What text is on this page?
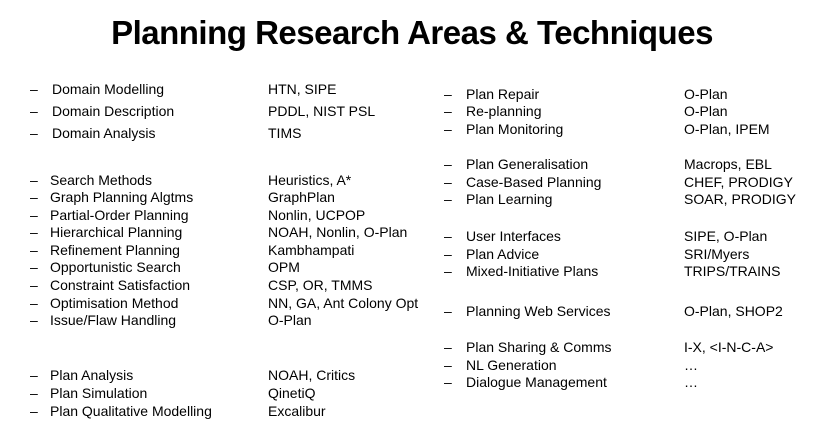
Planning Research Areas & Techniques
– Domain Modelling	HTN, SIPE
– Domain Description	PDDL, NIST PSL
– Domain Analysis	TIMS
– Search Methods	Heuristics, A*
– Graph Planning Algtms	GraphPlan
– Partial-Order Planning	Nonlin, UCPOP
– Hierarchical Planning	NOAH, Nonlin, O-Plan
– Refinement Planning	Kambhampati
– Opportunistic Search	OPM
– Constraint Satisfaction	CSP, OR, TMMS
– Optimisation Method	NN, GA, Ant Colony Opt
– Issue/Flaw Handling	O-Plan
– Plan Analysis	NOAH, Critics
– Plan Simulation	QinetiQ
– Plan Qualitative Modelling	Excalibur
– Plan Repair	O-Plan
– Re-planning	O-Plan
– Plan Monitoring	O-Plan, IPEM
– Plan Generalisation	Macrops, EBL
– Case-Based Planning	CHEF, PRODIGY
– Plan Learning	SOAR, PRODIGY
– User Interfaces	SIPE, O-Plan
– Plan Advice	SRI/Myers
– Mixed-Initiative Plans	TRIPS/TRAINS
– Planning Web Services	O-Plan, SHOP2
– Plan Sharing & Comms	I-X, <I-N-C-A>
– NL Generation	…
– Dialogue Management	…
